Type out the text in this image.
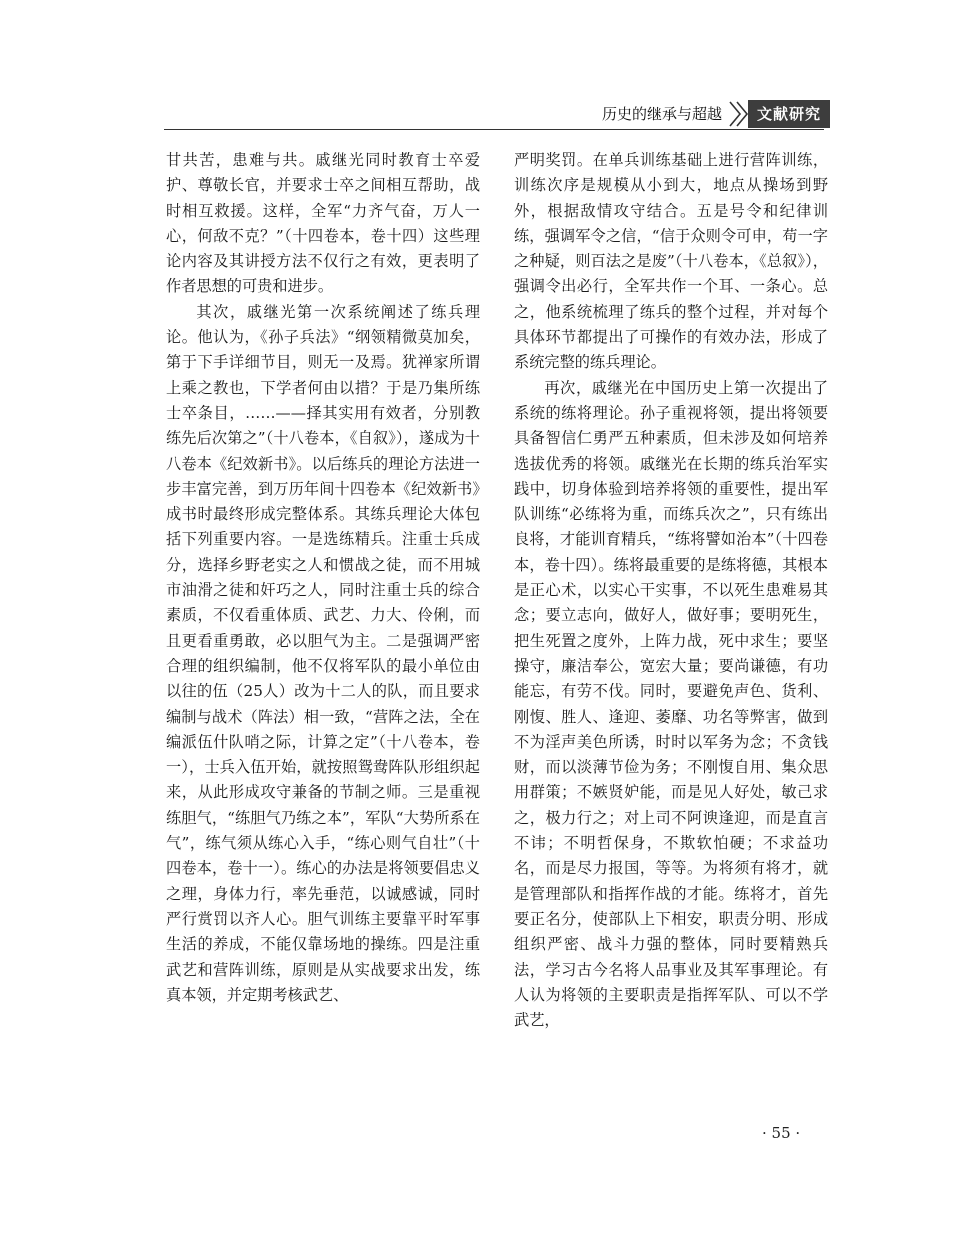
历史的继承与超越	文献研究

甘共苦，患难与共。戚继光同时教育士卒爱护、尊敬长官，并要求士卒之间相互帮助，战时相互救援。这样，全军“力齐气奋，万人一心，何敌不克？”（十四卷本，卷十四）这些理论内容及其讲授方法不仅行之有效，更表明了作者思想的可贵和进步。

其次，戚继光第一次系统阐述了练兵理论。他认为，《孙子兵法》“纲领精微莫加矣，第于下手详细节目，则无一及焉。犹禅家所谓上乘之教也，下学者何由以措？于是乃集所练士卒条目，……——择其实用有效者，分别教练先后次第之”（十八卷本，《自叙》），遂成为十八卷本《纪效新书》。以后练兵的理论方法进一步丰富完善，到万历年间十四卷本《纪效新书》成书时最终形成完整体系。其练兵理论大体包括下列重要内容。一是选练精兵。注重士兵成分，选择乡野老实之人和惯战之徒，而不用城市油滑之徒和奸巧之人，同时注重士兵的综合素质，不仅看重体质、武艺、力大、伶俐，而且更看重勇敢，必以胆气为主。二是强调严密合理的组织编制，他不仅将军队的最小单位由以往的伍（25人）改为十二人的队，而且要求编制与战术（阵法）相一致，“营阵之法，全在编派伍什队哨之际，计算之定”（十八卷本，卷一），士兵入伍开始，就按照鸳鸯阵队形组织起来，从此形成攻守兼备的节制之师。三是重视练胆气，“练胆气乃练之本”，军队“大势所系在气”，练气须从练心入手，“练心则气自壮”（十四卷本，卷十一）。练心的办法是将领要倡忠义之理，身体力行，率先垂范，以诚感诚，同时严行赏罚以齐人心。胆气训练主要靠平时军事生活的养成，不能仅靠场地的操练。四是注重武艺和营阵训练，原则是从实战要求出发，练真本领，并定期考核武艺、

严明奖罚。在单兵训练基础上进行营阵训练，训练次序是规模从小到大，地点从操场到野外，根据敌情攻守结合。五是号令和纪律训练，强调军令之信，“信于众则令可申，苟一字之种疑，则百法之是废”（十八卷本，《总叙》），强调令出必行，全军共作一个耳、一条心。总之，他系统梳理了练兵的整个过程，并对每个具体环节都提出了可操作的有效办法，形成了系统完整的练兵理论。

再次，戚继光在中国历史上第一次提出了系统的练将理论。孙子重视将领，提出将领要具备智信仁勇严五种素质，但未涉及如何培养选拔优秀的将领。戚继光在长期的练兵治军实践中，切身体验到培养将领的重要性，提出军队训练“必练将为重，而练兵次之”，只有练出良将，才能训育精兵，“练将譬如治本”（十四卷本，卷十四）。练将最重要的是练将德，其根本是正心术，以实心干实事，不以死生患难易其念；要立志向，做好人，做好事；要明死生，把生死置之度外，上阵力战，死中求生；要坚操守，廉洁奉公，宽宏大量；要尚谦德，有功能忘，有劳不伐。同时，要避免声色、货利、刚愎、胜人、逢迎、萎靡、功名等弊害，做到不为淫声美色所诱，时时以军务为念；不贪钱财，而以淡薄节俭为务；不刚愎自用、集众思用群策；不嫉贤妒能，而是见人好处，敏己求之，极力行之；对上司不阿谀逢迎，而是直言不讳；不明哲保身，不欺软怕硬；不求益功名，而是尽力报国，等等。为将须有将才，就是管理部队和指挥作战的才能。练将才，首先要正名分，使部队上下相安，职责分明、形成组织严密、战斗力强的整体，同时要精熟兵法，学习古今名将人品事业及其军事理论。有人认为将领的主要职责是指挥军队、可以不学武艺，

· 55 ·
